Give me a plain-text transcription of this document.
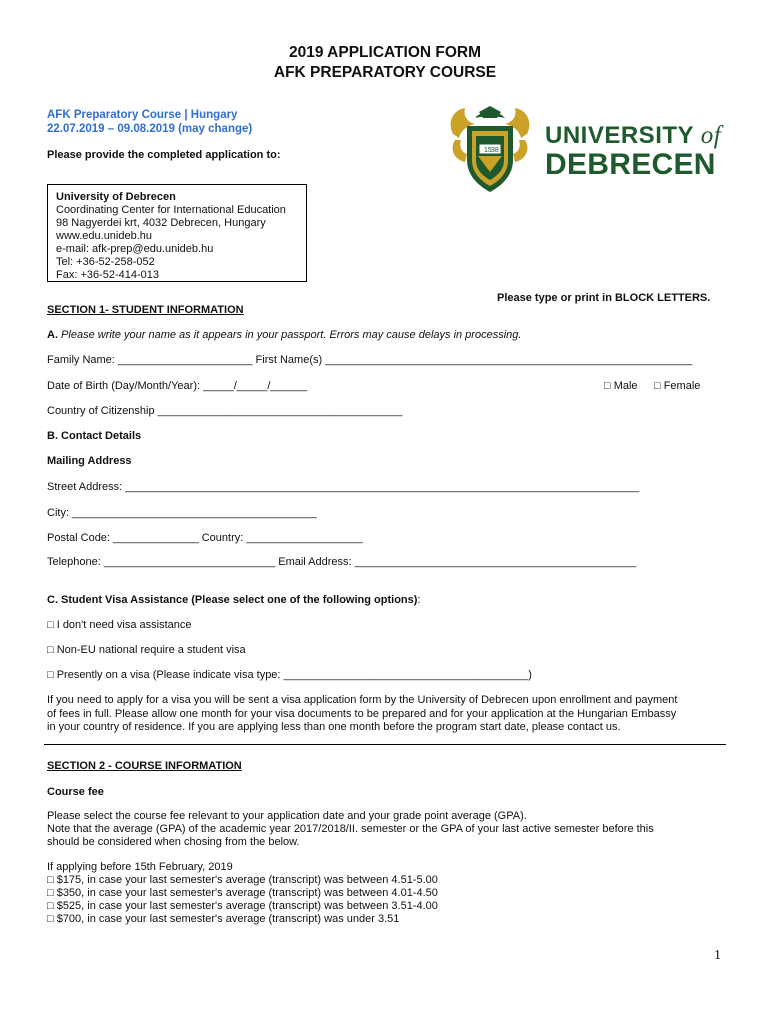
2019 APPLICATION FORM
AFK PREPARATORY COURSE
AFK Preparatory Course | Hungary
22.07.2019 – 09.08.2019 (may change)
Please provide the completed application to:	15 38
UNIVERSITY of
DEBRECEN
University of Debrecen
Coordinating Center for International Education
98 Nagyerdei krt, 4032 Debrecen, Hungary
www.edu.unideb.hu
e-mail: afk-prep@edu.unideb.hu
Tel: +36-52-258-052
Fax: +36-52-414-013
Please type or print in BLOCK LETTERS.
SECTION 1- STUDENT INFORMATION
A. Please write your name as it appears in your passport. Errors may cause delays in processing.
Family Name: ______________________ First Name(s) ____________________________________________________________
Date of Birth (Day/Month/Year): _____/_____/______	□ Male □ Female
Country of Citizenship ________________________________________
B. Contact Details
Mailing Address
Street Address: ____________________________________________________________________________________
City: ________________________________________
Postal Code: ______________ Country: ___________________
Telephone: ____________________________ Email Address: ______________________________________________
C. Student Visa Assistance (Please select one of the following options):
□ I don't need visa assistance
□ Non-EU national require a student visa
□ Presently on a visa (Please indicate visa type: ________________________________________)
If you need to apply for a visa you will be sent a visa application form by the University of Debrecen upon enrollment and payment
of fees in full. Please allow one month for your visa documents to be prepared and for your application at the Hungarian Embassy
in your country of residence. If you are applying less than one month before the program start date, please contact us.
SECTION 2 - COURSE INFORMATION
Course fee
Please select the course fee relevant to your application date and your grade point average (GPA).
Note that the average (GPA) of the academic year 2017/2018/II. semester or the GPA of your last active semester before this
should be considered when chosing from the below.
If applying before 15th February, 2019
□ $175, in case your last semester's average (transcript) was between 4.51-5.00
□ $350, in case your last semester's average (transcript) was between 4.01-4.50
□ $525, in case your last semester's average (transcript) was between 3.51-4.00
□ $700, in case your last semester's average (transcript) was under 3.51
1
